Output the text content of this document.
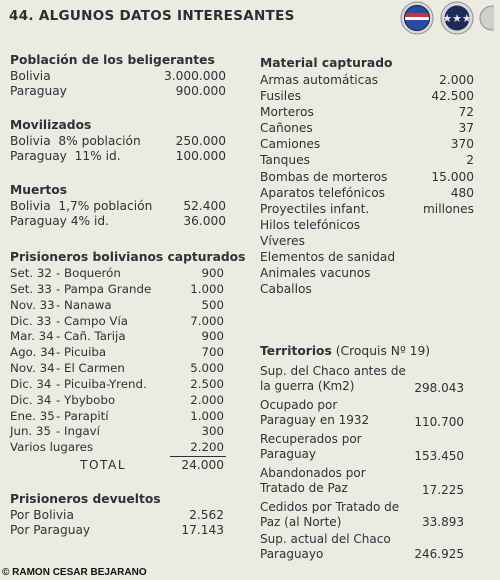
44. ALGUNOS DATOS INTERESANTES	★★★
Población de los beligerantes
Bolivia	3.000.000
Paraguay	900.000
Movilizados
Bolivia  8% población	250.000
Paraguay  11% id.	100.000
Muertos
Bolivia  1,7% población	52.400
Paraguay 4% id.	36.000
Prisioneros bolivianos capturados
Set. 32 - Boquerón	900
Set. 33 - Pampa Grande	1.000
Nov. 33 - Nanawa	500
Dic. 33 - Campo Vía	7.000
Mar. 34 - Cañ. Tarija	900
Ago. 34 - Picuiba	700
Nov. 34 - El Carmen	5.000
Dic. 34 - Picuiba-Yrend.	2.500
Dic. 34 - Ybybobo	2.000
Ene. 35 - Parapití	1.000
Jun. 35 - Ingaví	300
Varios lugares	2.200
TOTAL	24.000
Prisioneros devueltos
Por Bolivia	2.562
Por Paraguay	17.143
Material capturado
Armas automáticas	2.000
Fusiles	42.500
Morteros	72
Cañones	37
Camiones	370
Tanques	2
Bombas de morteros	15.000
Aparatos telefónicos	480
Proyectiles infant.	millones
Hilos telefónicos
Víveres
Elementos de sanidad
Animales vacunos
Caballos
Territorios (Croquis Nº 19)
Sup. del Chaco antes de la guerra (Km2)	298.043
Ocupado por Paraguay en 1932	110.700
Recuperados por Paraguay	153.450
Abandonados por Tratado de Paz	17.225
Cedidos por Tratado de Paz (al Norte)	33.893
Sup. actual del Chaco Paraguayo	246.925
© RAMON CESAR BEJARANO
